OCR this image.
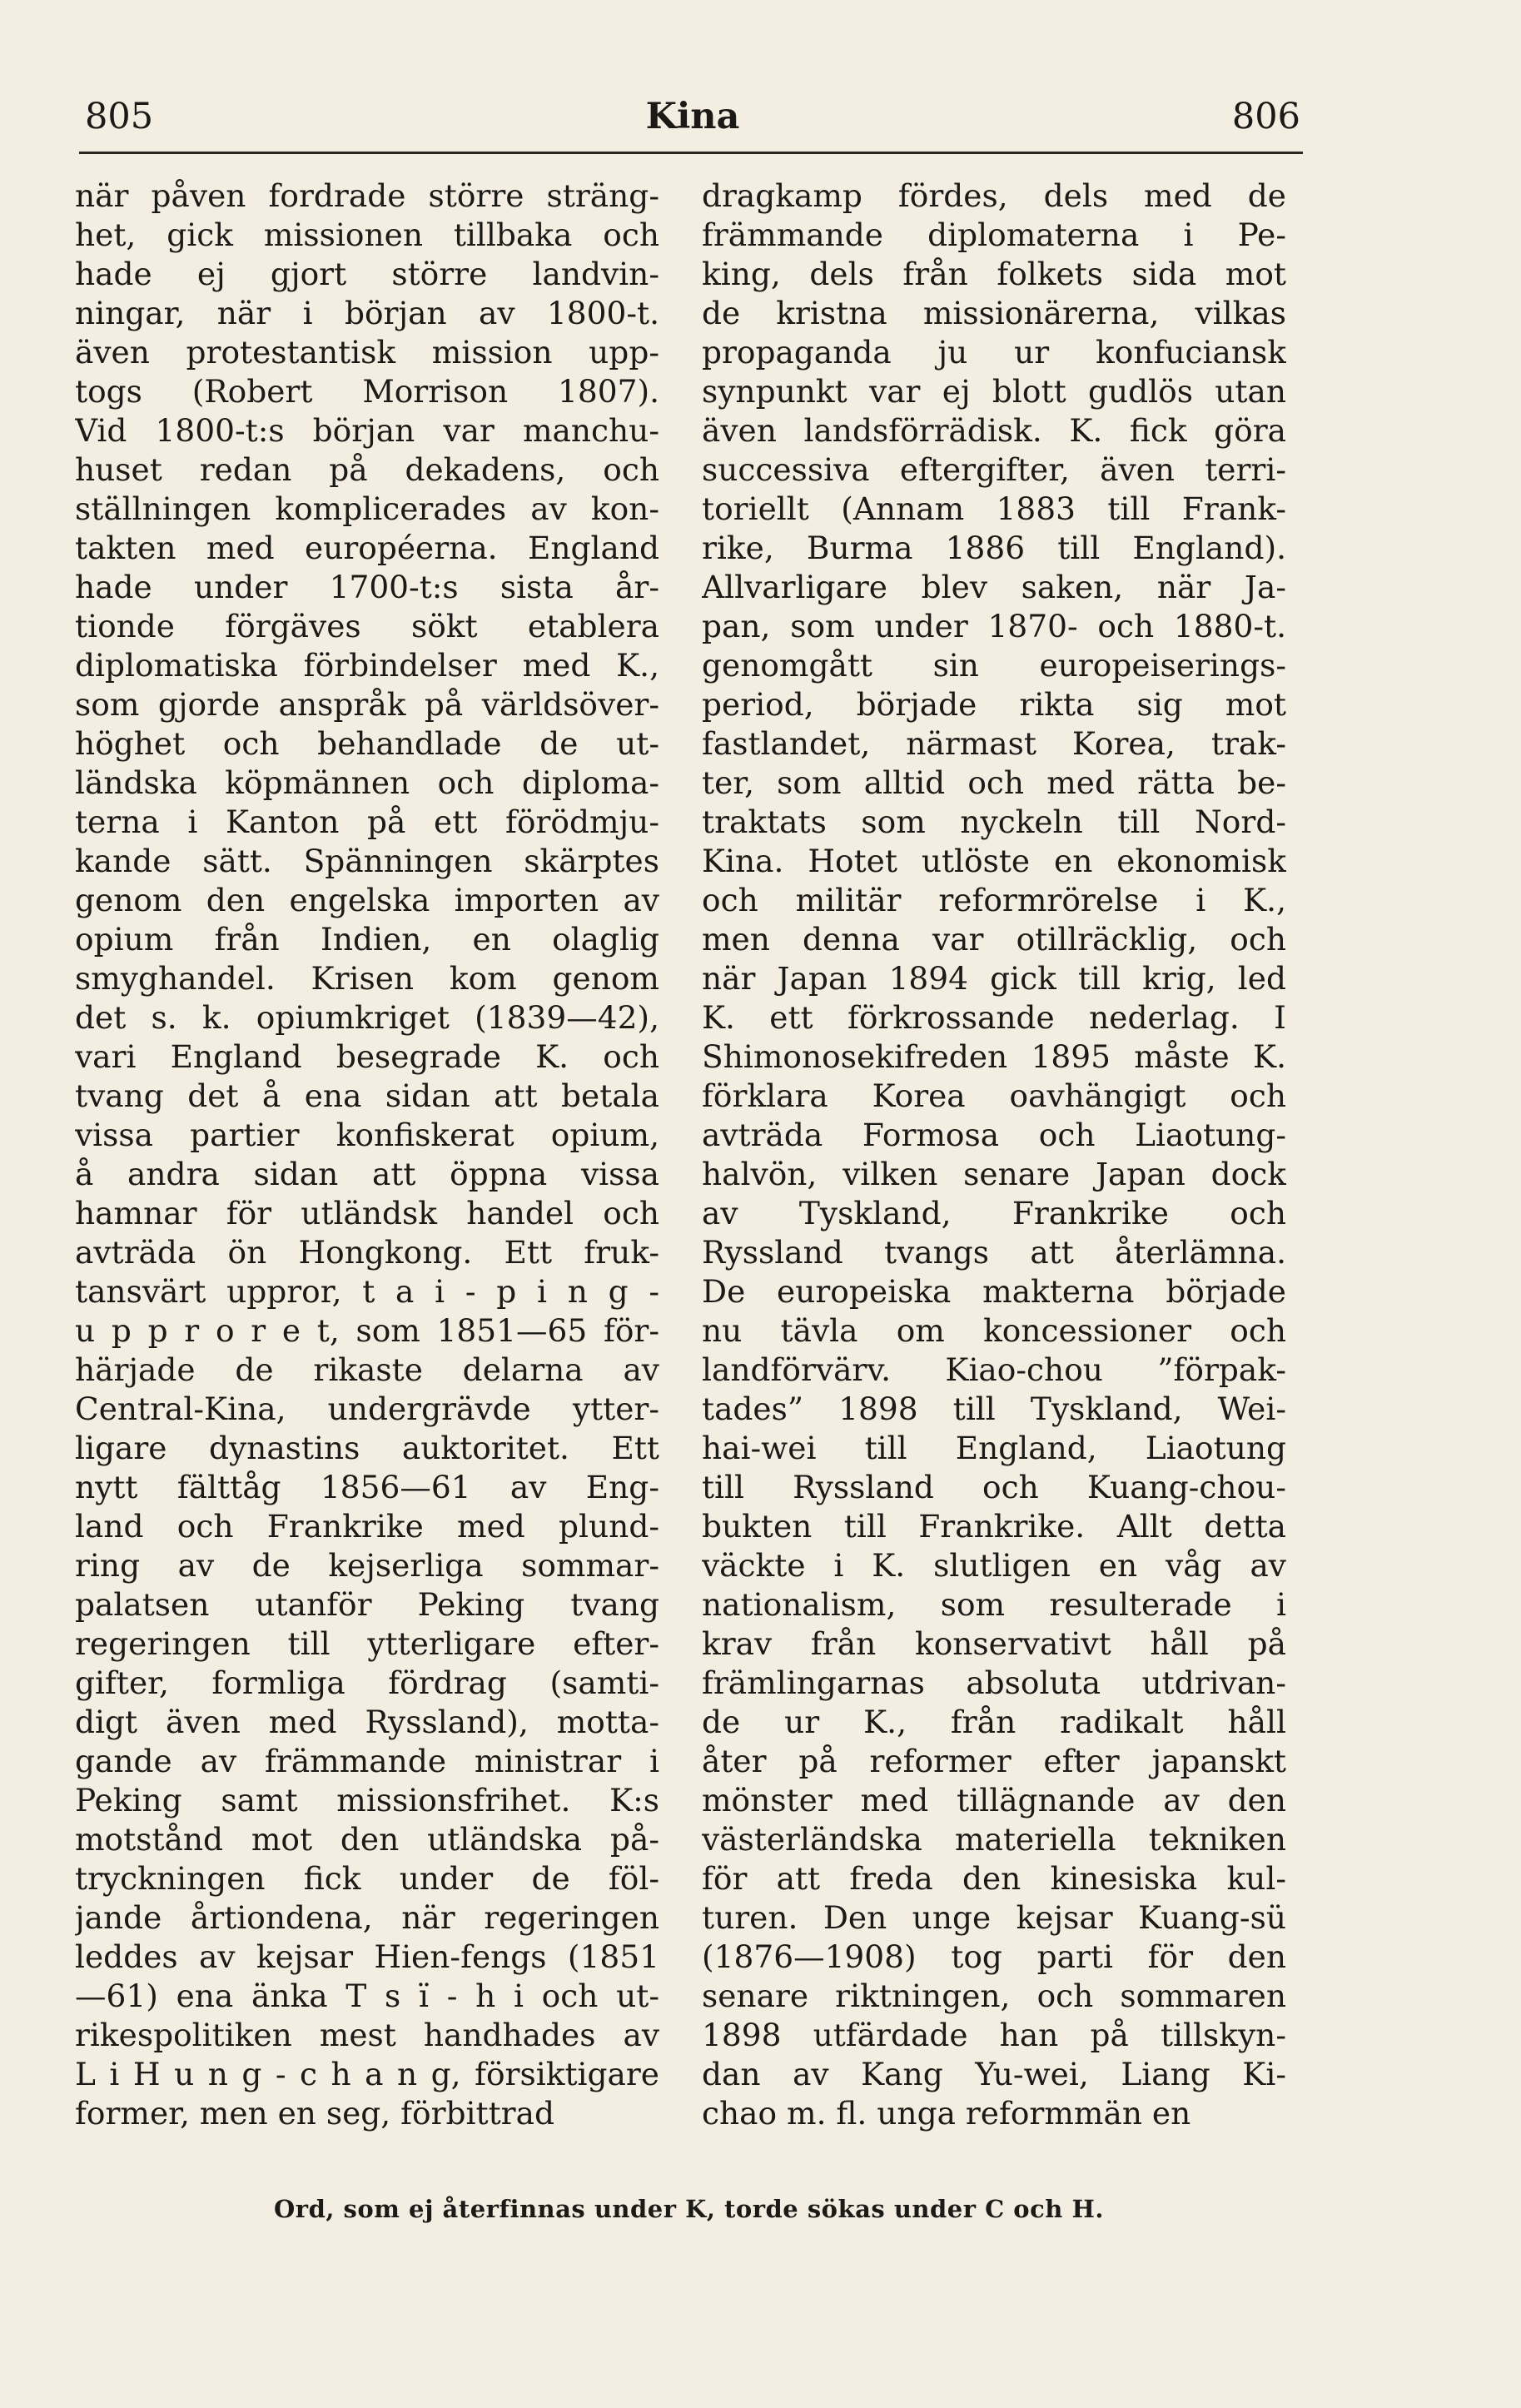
805	Kina	806
när påven fordrade större sträng-
het, gick missionen tillbaka och
hade ej gjort större landvin-
ningar, när i början av 1800-t.
även protestantisk mission upp-
togs (Robert Morrison 1807).
Vid 1800-t:s början var manchu-
huset redan på dekadens, och
ställningen komplicerades av kon-
takten med européerna. England
hade under 1700-t:s sista år-
tionde förgäves sökt etablera
diplomatiska förbindelser med K.,
som gjorde anspråk på världsöver-
höghet och behandlade de ut-
ländska köpmännen och diploma-
terna i Kanton på ett förödmju-
kande sätt. Spänningen skärptes
genom den engelska importen av
opium från Indien, en olaglig
smyghandel. Krisen kom genom
det s. k. opiumkriget (1839—42),
vari England besegrade K. och
tvang det å ena sidan att betala
vissa partier konfiskerat opium,
å andra sidan att öppna vissa
hamnar för utländsk handel och
avträda ön Hongkong. Ett fruk-
tansvärt uppror, t a i - p i n g -
u p p r o r e t, som 1851—65 för-
härjade de rikaste delarna av
Central-Kina, undergrävde ytter-
ligare dynastins auktoritet. Ett
nytt fälttåg 1856—61 av Eng-
land och Frankrike med plund-
ring av de kejserliga sommar-
palatsen utanför Peking tvang
regeringen till ytterligare efter-
gifter, formliga fördrag (samti-
digt även med Ryssland), motta-
gande av främmande ministrar i
Peking samt missionsfrihet. K:s
motstånd mot den utländska på-
tryckningen fick under de föl-
jande årtiondena, när regeringen
leddes av kejsar Hien-fengs (1851
—61) ena änka T s ï - h i och ut-
rikespolitiken mest handhades av
L i H u n g - c h a n g, försiktigare
former, men en seg, förbittrad
dragkamp fördes, dels med de
främmande diplomaterna i Pe-
king, dels från folkets sida mot
de kristna missionärerna, vilkas
propaganda ju ur konfuciansk
synpunkt var ej blott gudlös utan
även landsförrädisk. K. fick göra
successiva eftergifter, även terri-
toriellt (Annam 1883 till Frank-
rike, Burma 1886 till England).
Allvarligare blev saken, när Ja-
pan, som under 1870- och 1880-t.
genomgått sin europeiserings-
period, började rikta sig mot
fastlandet, närmast Korea, trak-
ter, som alltid och med rätta be-
traktats som nyckeln till Nord-
Kina. Hotet utlöste en ekonomisk
och militär reformrörelse i K.,
men denna var otillräcklig, och
när Japan 1894 gick till krig, led
K. ett förkrossande nederlag. I
Shimonosekifreden 1895 måste K.
förklara Korea oavhängigt och
avträda Formosa och Liaotung-
halvön, vilken senare Japan dock
av Tyskland, Frankrike och
Ryssland tvangs att återlämna.
De europeiska makterna började
nu tävla om koncessioner och
landförvärv. Kiao-chou ”förpak-
tades” 1898 till Tyskland, Wei-
hai-wei till England, Liaotung
till Ryssland och Kuang-chou-
bukten till Frankrike. Allt detta
väckte i K. slutligen en våg av
nationalism, som resulterade i
krav från konservativt håll på
främlingarnas absoluta utdrivan-
de ur K., från radikalt håll
åter på reformer efter japanskt
mönster med tillägnande av den
västerländska materiella tekniken
för att freda den kinesiska kul-
turen. Den unge kejsar Kuang-sü
(1876—1908) tog parti för den
senare riktningen, och sommaren
1898 utfärdade han på tillskyn-
dan av Kang Yu-wei, Liang Ki-
chao m. fl. unga reformmän en
Ord, som ej återfinnas under K, torde sökas under C och H.
